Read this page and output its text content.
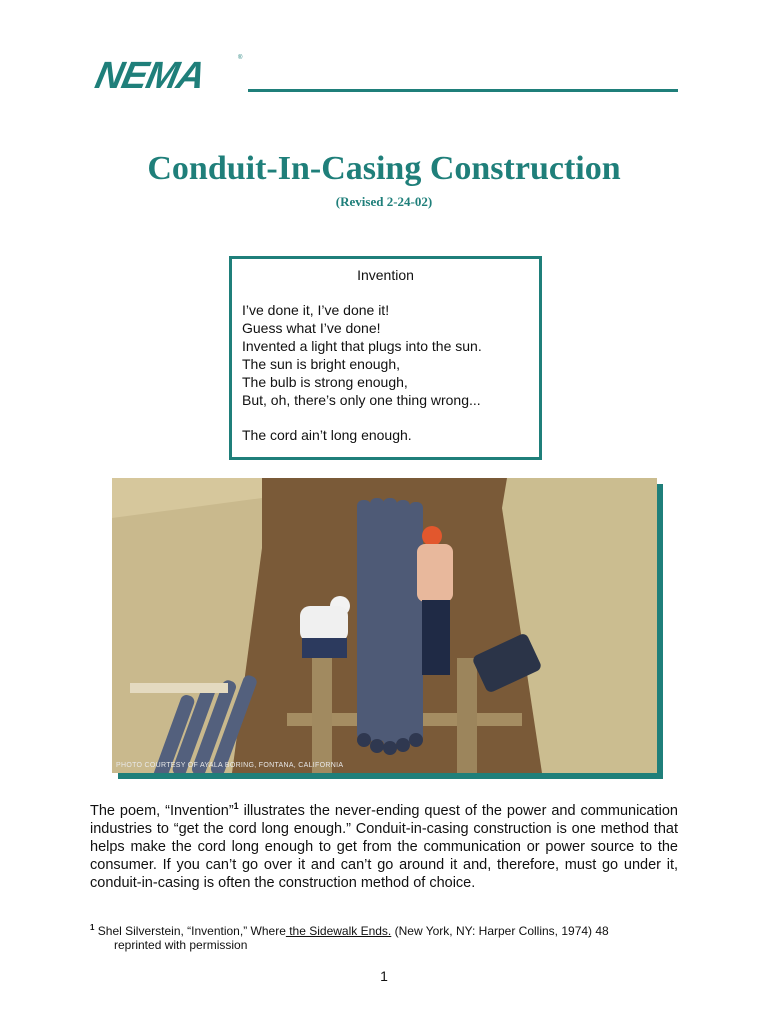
NEMA	®
Conduit-In-Casing Construction
(Revised 2-24-02)
Invention
I’ve done it, I’ve done it!
Guess what I’ve done!
Invented a light that plugs into the sun.
The sun is bright enough,
The bulb is strong enough,
But, oh, there’s only one thing wrong...
The cord ain’t long enough.
PHOTO COURTESY OF AYALA BORING, FONTANA, CALIFORNIA

The poem, “Invention”$^1$ illustrates the never-ending quest of the power and communication industries to “get the cord long enough.” Conduit-in-casing construction is one method that helps make the cord long enough to get from the communication or power source to the consumer. If you can’t go over it and can’t go around it and, therefore, must go under it, conduit-in-casing is often the construction method of choice.

$^1$ Shel Silverstein, “Invention,” Where the Sidewalk Ends. (New York, NY: Harper Collins, 1974) 48
reprinted with permission
1
